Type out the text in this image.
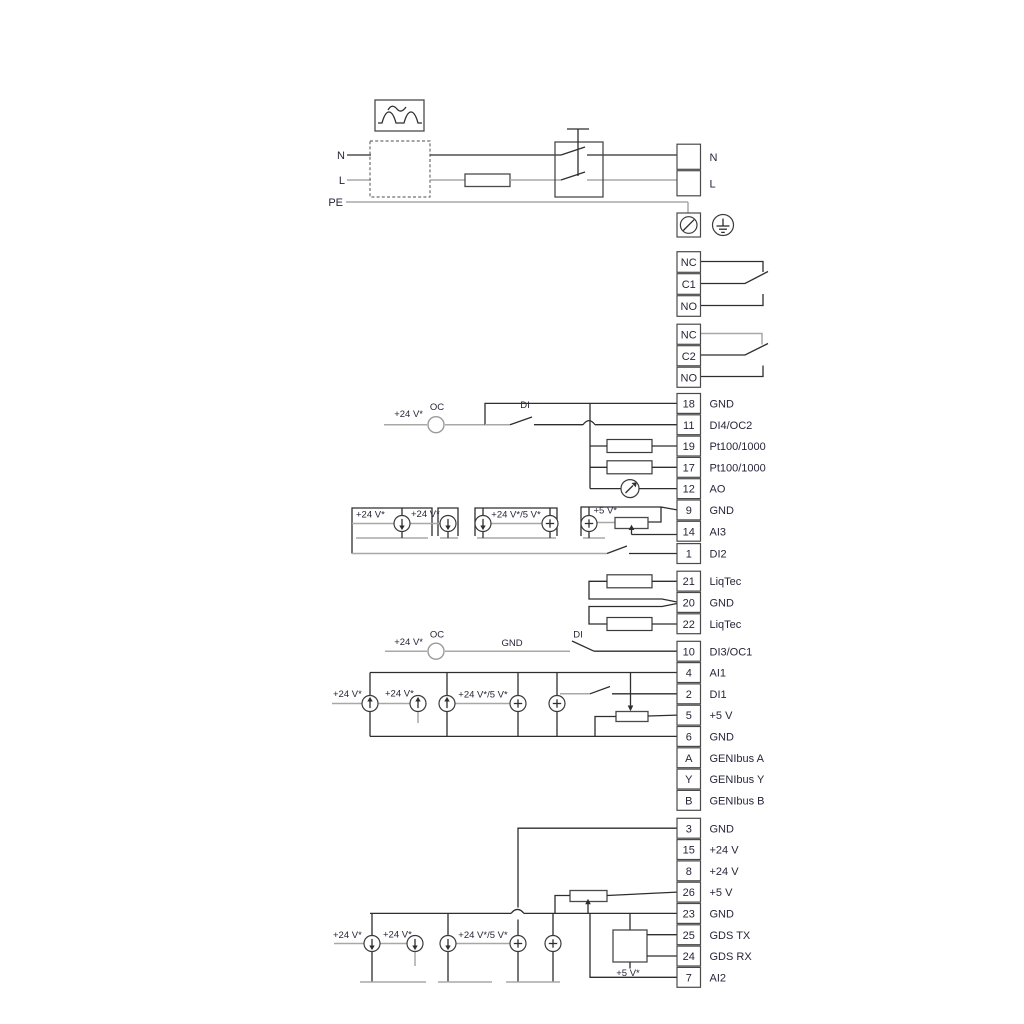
N
L
PE
+24 V*
OC	DI
+24 V*	+24 V*	+24 V*/5 V*	+5 V*
+24 V*
OC
GND
DI
+24 V* +24 V*	+24 V*/5 V*
+5 V*
+24 V* +24 V*	+24 V*/5 V*
N
L
NC
C1
NO
NC
C2
NO
18 GND
11 DI4/OC2
19 Pt100/1000
17 Pt100/1000
12 AO
9 GND
14 AI3
1 DI2
21 LiqTec
20 GND
22 LiqTec
10 DI3/OC1
4 AI1
2 DI1
5 +5 V
6 GND
A GENIbus A
Y GENIbus Y
B GENIbus B
3 GND
15 +24 V
8 +24 V
26 +5 V
23 GND
25 GDS TX
24 GDS RX
7 AI2
